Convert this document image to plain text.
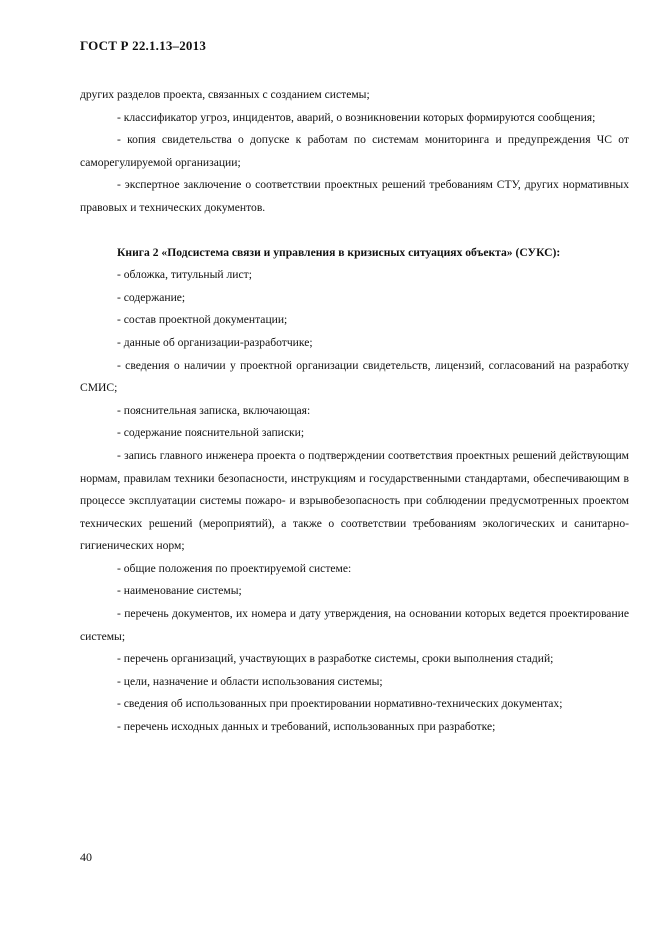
ГОСТ Р 22.1.13–2013

других разделов проекта, связанных с созданием системы;

- классификатор угроз, инцидентов, аварий, о возникновении которых формируются сообщения;

- копия свидетельства о допуске к работам по системам мониторинга и предупреждения ЧС от саморегулируемой организации;

- экспертное заключение о соответствии проектных решений требованиям СТУ, других нормативных правовых и технических документов.

Книга 2 «Подсистема связи и управления в кризисных ситуациях объекта» (СУКС):

- обложка, титульный лист;

- содержание;

- состав проектной документации;

- данные об организации-разработчике;

- сведения о наличии у проектной организации свидетельств, лицензий, согласований на разработку СМИС;

- пояснительная записка, включающая:

- содержание пояснительной записки;

- запись главного инженера проекта о подтверждении соответствия проектных решений действующим нормам, правилам техники безопасности, инструкциям и государственными стандартами, обеспечивающим в процессе эксплуатации системы пожаро- и взрывобезопасность при соблюдении предусмотренных проектом технических решений (мероприятий), а также о соответствии требованиям экологических и санитарно-гигиенических норм;

- общие положения по проектируемой системе:

- наименование системы;

- перечень документов, их номера и дату утверждения, на основании которых ведется проектирование системы;

- перечень организаций, участвующих в разработке системы, сроки выполнения стадий;

- цели, назначение и области использования системы;

- сведения об использованных при проектировании нормативно-технических документах;

- перечень исходных данных и требований, использованных при разработке;

40
